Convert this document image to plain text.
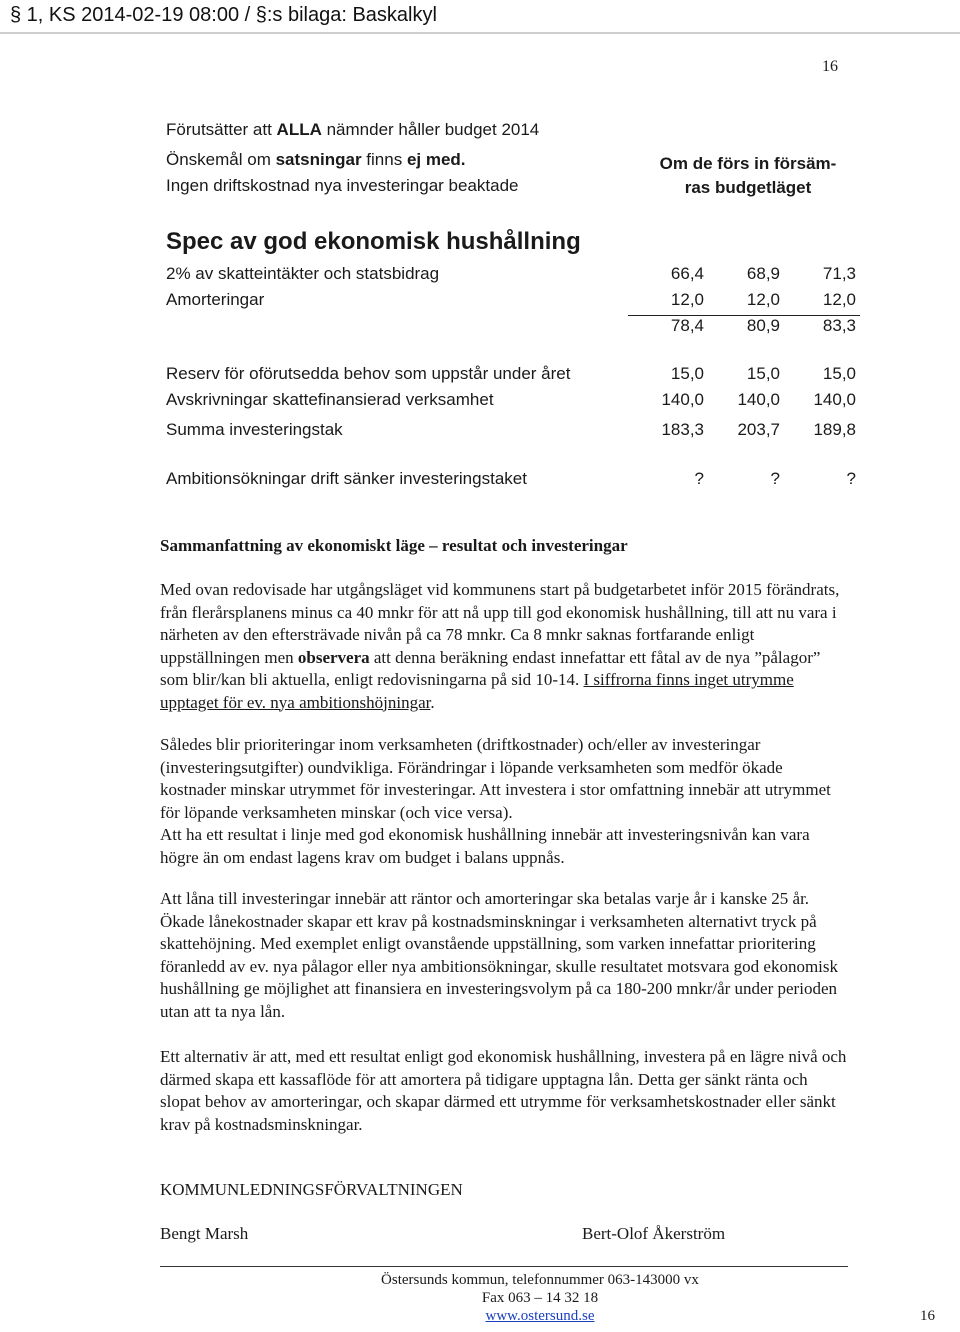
§ 1, KS 2014-02-19 08:00 / §:s bilaga: Baskalkyl
16
Förutsätter att ALLA nämnder håller budget 2014
Önskemål om satsningar finns ej med.
Ingen driftskostnad nya investeringar beaktade
Om de förs in försäm-
ras budgetläget
Spec av god ekonomisk hushållning
2% av skatteintäkter och statsbidrag	66,4	68,9	71,3
Amorteringar	12,0	12,0	12,0
78,4	80,9	83,3
Reserv för oförutsedda behov som uppstår under året	15,0	15,0	15,0
Avskrivningar skattefinansierad verksamhet	140,0	140,0	140,0
Summa investeringstak	183,3	203,7	189,8
Ambitionsökningar drift sänker investeringstaket	?	?	?
Sammanfattning av ekonomiskt läge – resultat och investeringar
Med ovan redovisade har utgångsläget vid kommunens start på budgetarbetet inför 2015 förändrats, från flerårsplanens minus ca 40 mnkr för att nå upp till god ekonomisk hushållning, till att nu vara i närheten av den eftersträvade nivån på ca 78 mnkr. Ca 8 mnkr saknas fortfarande enligt uppställningen men observera att denna beräkning endast innefattar ett fåtal av de nya ”pålagor” som blir/kan bli aktuella, enligt redovisningarna på sid 10-14. I siffrorna finns inget utrymme upptaget för ev. nya ambitionshöjningar.
Således blir prioriteringar inom verksamheten (driftkostnader) och/eller av investeringar (investeringsutgifter) oundvikliga. Förändringar i löpande verksamheten som medför ökade kostnader minskar utrymmet för investeringar. Att investera i stor omfattning innebär att utrymmet för löpande verksamheten minskar (och vice versa).
Att ha ett resultat i linje med god ekonomisk hushållning innebär att investeringsnivån kan vara högre än om endast lagens krav om budget i balans uppnås.
Att låna till investeringar innebär att räntor och amorteringar ska betalas varje år i kanske 25 år. Ökade lånekostnader skapar ett krav på kostnadsminskningar i verksamheten alternativt tryck på skattehöjning. Med exemplet enligt ovanstående uppställning, som varken innefattar prioritering föranledd av ev. nya pålagor eller nya ambitionsökningar, skulle resultatet motsvara god ekonomisk hushållning ge möjlighet att finansiera en investeringsvolym på ca 180-200 mnkr/år under perioden utan att ta nya lån.
Ett alternativ är att, med ett resultat enligt god ekonomisk hushållning, investera på en lägre nivå och därmed skapa ett kassaflöde för att amortera på tidigare upptagna lån. Detta ger sänkt ränta och slopat behov av amorteringar, och skapar därmed ett utrymme för verksamhetskostnader eller sänkt krav på kostnadsminskningar.
KOMMUNLEDNINGSFÖRVALTNINGEN
Bengt Marsh	Bert-Olof Åkerström
Östersunds kommun, telefonnummer 063-143000 vx
Fax 063 – 14 32 18
www.ostersund.se	16
